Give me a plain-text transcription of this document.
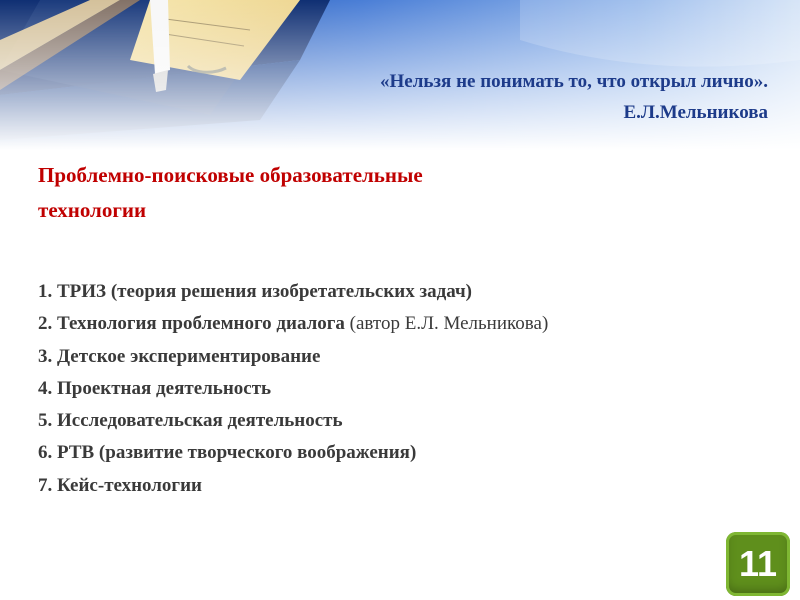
«Нельзя не понимать то, что открыл лично».
Е.Л.Мельникова
Проблемно-поисковые образовательные
технологии
1. ТРИЗ (теория решения изобретательских задач)
2. Технология проблемного диалога (автор Е.Л. Мельникова)
3. Детское экспериментирование
4. Проектная деятельность
5. Исследовательская деятельность
6. РТВ (развитие творческого воображения)
7. Кейс-технологии
11
